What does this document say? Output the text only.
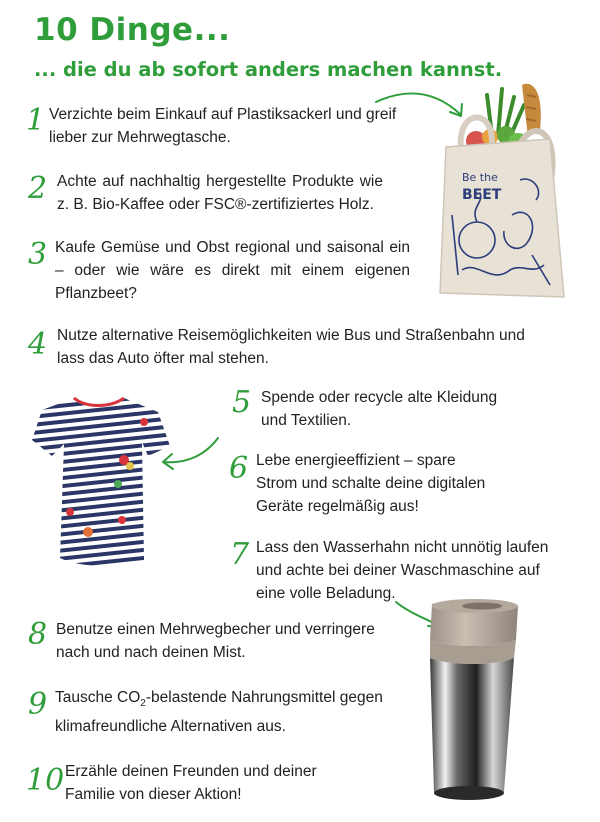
10 Dinge...
... die du ab sofort anders machen kannst.
1 Verzichte beim Einkauf auf Plastiksackerl und greif lieber zur Mehrwegtasche.
2 Achte auf nachhaltig hergestellte Produkte wie z. B. Bio-Kaffee oder FSC®-zertifiziertes Holz.
3 Kaufe Gemüse und Obst regional und saisonal ein – oder wie wäre es direkt mit einem eigenen Pflanzbeet?
4 Nutze alternative Reisemöglichkeiten wie Bus und Straßenbahn und lass das Auto öfter mal stehen.
5 Spende oder recycle alte Kleidung und Textilien.
6 Lebe energieeffizient – spare Strom und schalte deine digitalen Geräte regelmäßig aus!
7 Lass den Wasserhahn nicht unnötig laufen und achte bei deiner Waschmaschine auf eine volle Beladung.
8 Benutze einen Mehrwegbecher und verringere nach und nach deinen Mist.
9 Tausche $CO_2$-belastende Nahrungsmittel gegen klimafreundliche Alternativen aus.
10 Erzähle deinen Freunden und deiner Familie von dieser Aktion!
Be the
BEET
